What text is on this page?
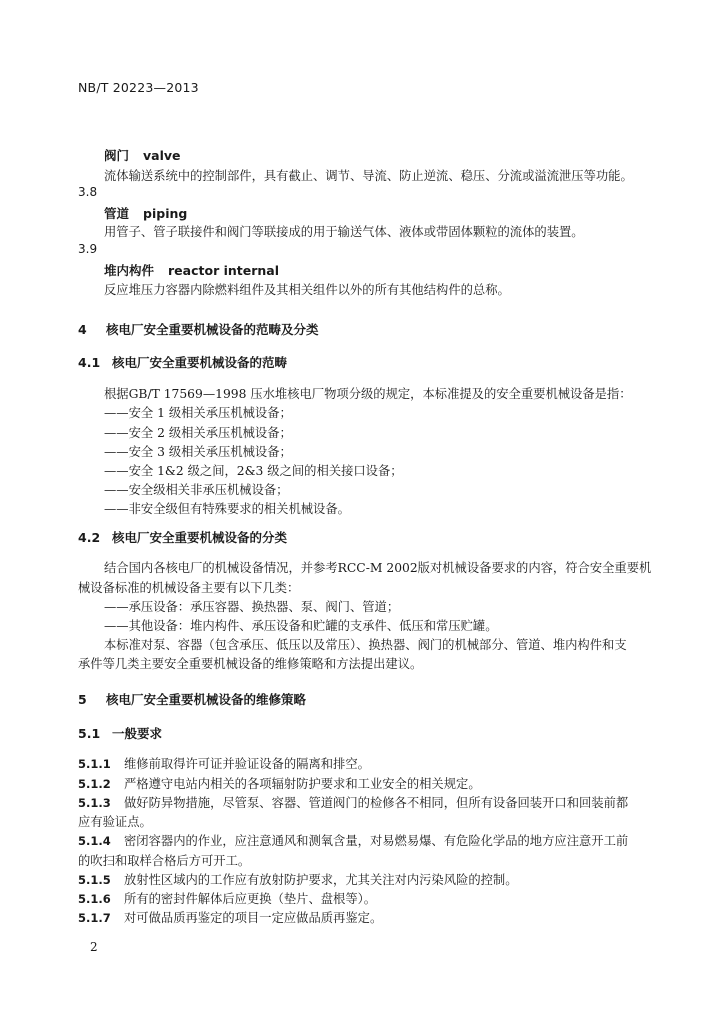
NB/T 20223—2013
阀门 valve
流体输送系统中的控制部件，具有截止、调节、导流、防止逆流、稳压、分流或溢流泄压等功能。
3.8
管道 piping
用管子、管子联接件和阀门等联接成的用于输送气体、液体或带固体颗粒的流体的装置。
3.9
堆内构件 reactor internal
反应堆压力容器内除燃料组件及其相关组件以外的所有其他结构件的总称。
4 核电厂安全重要机械设备的范畴及分类
4.1 核电厂安全重要机械设备的范畴
根据GB/T 17569—1998 压水堆核电厂物项分级的规定，本标准提及的安全重要机械设备是指：
——安全 1 级相关承压机械设备；
——安全 2 级相关承压机械设备；
——安全 3 级相关承压机械设备；
——安全 1&2 级之间，2&3 级之间的相关接口设备；
——安全级相关非承压机械设备；
——非安全级但有特殊要求的相关机械设备。
4.2 核电厂安全重要机械设备的分类
结合国内各核电厂的机械设备情况，并参考RCC-M 2002版对机械设备要求的内容，符合安全重要机
械设备标准的机械设备主要有以下几类：
——承压设备：承压容器、换热器、泵、阀门、管道；
——其他设备：堆内构件、承压设备和贮罐的支承件、低压和常压贮罐。
本标准对泵、容器（包含承压、低压以及常压）、换热器、阀门的机械部分、管道、堆内构件和支
承件等几类主要安全重要机械设备的维修策略和方法提出建议。
5 核电厂安全重要机械设备的维修策略
5.1 一般要求
5.1.1 维修前取得许可证并验证设备的隔离和排空。
5.1.2 严格遵守电站内相关的各项辐射防护要求和工业安全的相关规定。
5.1.3 做好防异物措施，尽管泵、容器、管道阀门的检修各不相同，但所有设备回装开口和回装前都
应有验证点。
5.1.4 密闭容器内的作业，应注意通风和测氧含量，对易燃易爆、有危险化学品的地方应注意开工前
的吹扫和取样合格后方可开工。
5.1.5 放射性区域内的工作应有放射防护要求，尤其关注对内污染风险的控制。
5.1.6 所有的密封件解体后应更换（垫片、盘根等）。
5.1.7 对可做品质再鉴定的项目一定应做品质再鉴定。
2
